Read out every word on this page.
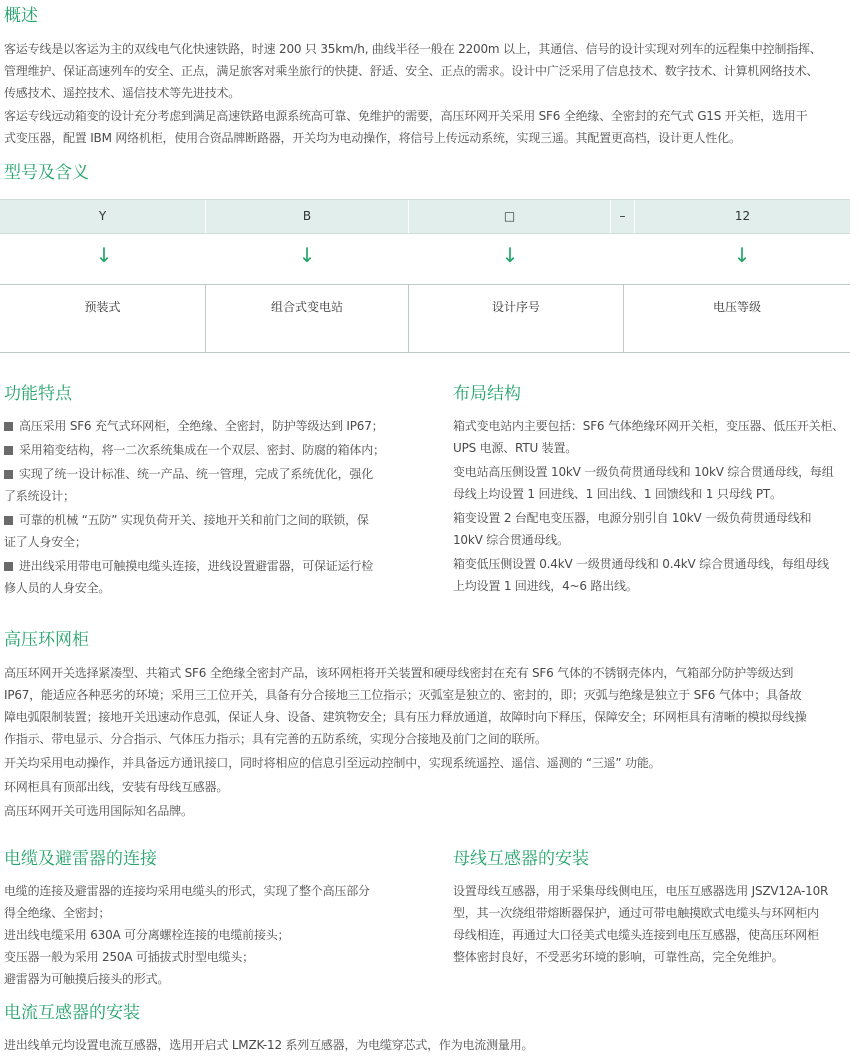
概述
客运专线是以客运为主的双线电气化快速铁路，时速 200 只 35km/h, 曲线半径一般在 2200m 以上，其通信、信号的设计实现对列车的远程集中控制指挥、
管理维护、保证高速列车的安全、正点，满足旅客对乘坐旅行的快捷、舒适、安全、正点的需求。设计中广泛采用了信息技术、数字技术、计算机网络技术、
传感技术、遥控技术、遥信技术等先进技术。
客运专线远动箱变的设计充分考虑到满足高速铁路电源系统高可靠、免维护的需要，高压环网开关采用 SF6 全绝缘、全密封的充气式 G1S 开关柜，选用干
式变压器，配置 IBM 网络机柜，使用合资品牌断路器，开关均为电动操作，将信号上传远动系统，实现三遥。其配置更高档，设计更人性化。
型号及含义
Y	B	□	–	12
↓	↓	↓	↓
预装式	组合式变电站	设计序号	电压等级
功能特点
高压采用 SF6 充气式环网柜，全绝缘、全密封，防护等级达到 IP67；
采用箱变结构，将一二次系统集成在一个双层、密封、防腐的箱体内；
实现了统一设计标准、统一产品、统一管理，完成了系统优化，强化
了系统设计；
可靠的机械 “五防” 实现负荷开关、接地开关和前门之间的联锁，保
证了人身安全；
进出线采用带电可触摸电缆头连接，进线设置避雷器，可保证运行检
修人员的人身安全。
布局结构
箱式变电站内主要包括：SF6 气体绝缘环网开关柜，变压器、低压开关柜、
UPS 电源、RTU 装置。
变电站高压侧设置 10kV 一级负荷贯通母线和 10kV 综合贯通母线，每组
母线上均设置 1 回进线、1 回出线、1 回馈线和 1 只母线 PT。
箱变设置 2 台配电变压器，电源分别引自 10kV 一级负荷贯通母线和
10kV 综合贯通母线。
箱变低压侧设置 0.4kV 一级贯通母线和 0.4kV 综合贯通母线，每组母线
上均设置 1 回进线，4~6 路出线。
高压环网柜
高压环网开关选择紧凑型、共箱式 SF6 全绝缘全密封产品，该环网柜将开关装置和硬母线密封在充有 SF6 气体的不锈钢壳体内，气箱部分防护等级达到
IP67，能适应各种恶劣的环境；采用三工位开关，具备有分合接地三工位指示；灭弧室是独立的、密封的，即；灭弧与绝缘是独立于 SF6 气体中；具备故
障电弧限制装置；接地开关迅速动作息弧，保证人身、设备、建筑物安全；具有压力释放通道，故障时向下释压，保障安全；环网柜具有清晰的模拟母线操
作指示、带电显示、分合指示、气体压力指示；具有完善的五防系统，实现分合接地及前门之间的联所。
开关均采用电动操作，并具备远方通讯接口，同时将相应的信息引至远动控制中，实现系统遥控、遥信、遥测的 “三遥” 功能。
环网柜具有顶部出线，安装有母线互感器。
高压环网开关可选用国际知名品牌。
电缆及避雷器的连接
电缆的连接及避雷器的连接均采用电缆头的形式，实现了整个高压部分
得全绝缘、全密封；
进出线电缆采用 630A 可分离螺栓连接的电缆前接头；
变压器一般为采用 250A 可插拔式肘型电缆头；
避雷器为可触摸后接头的形式。
母线互感器的安装
设置母线互感器，用于采集母线侧电压，电压互感器选用 JSZV12A-10R
型，其一次绕组带熔断器保护，通过可带电触摸欧式电缆头与环网柜内
母线相连，再通过大口径美式电缆头连接到电压互感器，使高压环网柜
整体密封良好，不受恶劣环境的影响，可靠性高，完全免维护。
电流互感器的安装
进出线单元均设置电流互感器，选用开启式 LMZK-12 系列互感器，为电缆穿芯式，作为电流测量用。
